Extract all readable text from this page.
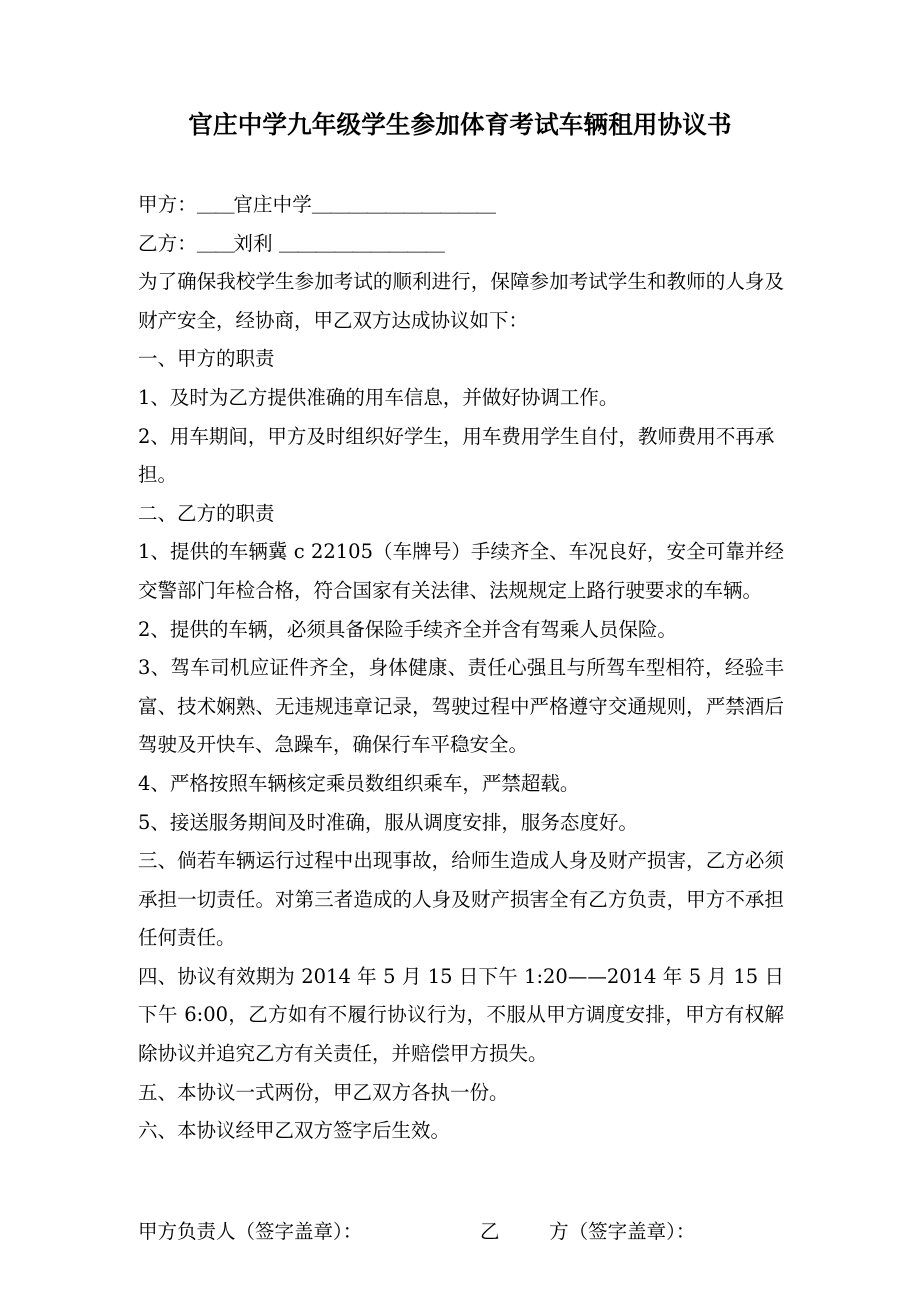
官庄中学九年级学生参加体育考试车辆租用协议书
甲方：＿＿官庄中学＿＿＿＿＿＿＿＿＿＿
乙方：＿＿刘利 ＿＿＿＿＿＿＿＿＿
为了确保我校学生参加考试的顺利进行，保障参加考试学生和教师的人身及财产安全，经协商，甲乙双方达成协议如下：
一、甲方的职责
1、及时为乙方提供准确的用车信息，并做好协调工作。
2、用车期间，甲方及时组织好学生，用车费用学生自付，教师费用不再承担。
二、乙方的职责
1、提供的车辆冀 c 22105（车牌号）手续齐全、车况良好，安全可靠并经交警部门年检合格，符合国家有关法律、法规规定上路行驶要求的车辆。
2、提供的车辆，必须具备保险手续齐全并含有驾乘人员保险。
3、驾车司机应证件齐全，身体健康、责任心强且与所驾车型相符，经验丰富、技术娴熟、无违规违章记录，驾驶过程中严格遵守交通规则，严禁酒后驾驶及开快车、急躁车，确保行车平稳安全。
4、严格按照车辆核定乘员数组织乘车，严禁超载。
5、接送服务期间及时准确，服从调度安排，服务态度好。
三、倘若车辆运行过程中出现事故，给师生造成人身及财产损害，乙方必须承担一切责任。对第三者造成的人身及财产损害全有乙方负责，甲方不承担任何责任。
四、协议有效期为 2014 年 5 月 15 日下午 1:20——2014 年 5 月 15 日下午 6:00，乙方如有不履行协议行为，不服从甲方调度安排，甲方有权解除协议并追究乙方有关责任，并赔偿甲方损失。
五、本协议一式两份，甲乙双方各执一份。
六、本协议经甲乙双方签字后生效。
甲方负责人（签字盖章）：                   乙        方（签字盖章）：
